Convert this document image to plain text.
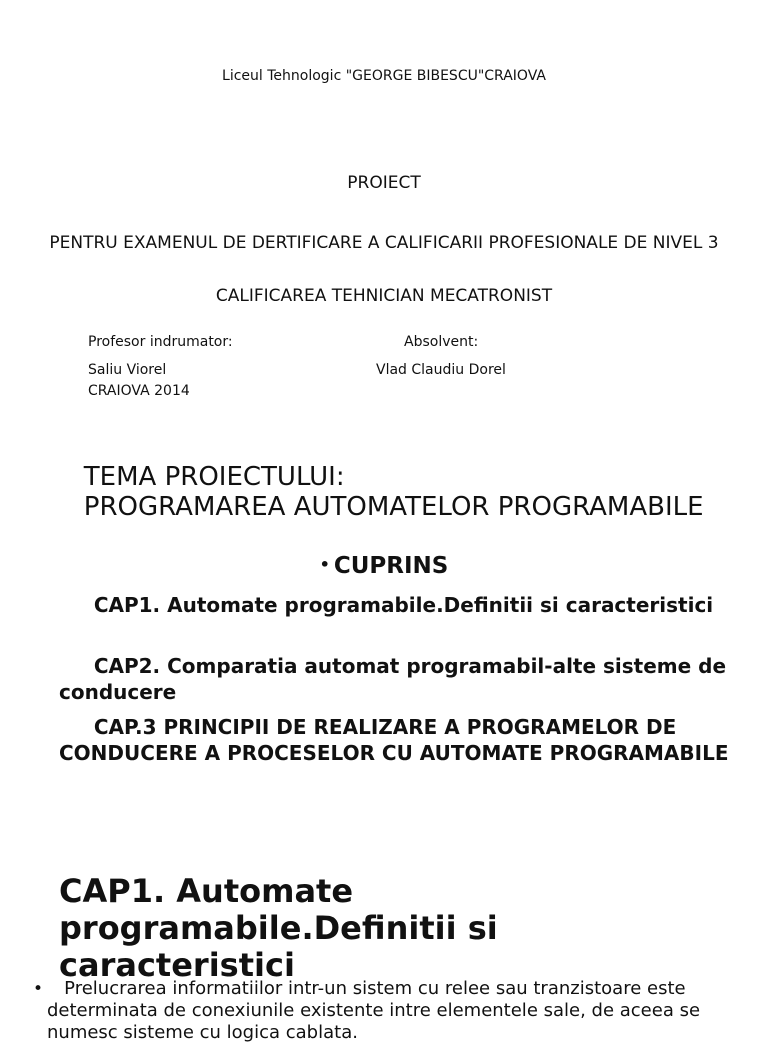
Liceul Tehnologic "GEORGE BIBESCU"CRAIOVA
PROIECT
PENTRU EXAMENUL DE DERTIFICARE A CALIFICARII PROFESIONALE DE NIVEL 3
CALIFICAREA TEHNICIAN MECATRONIST
Profesor indrumator:	Absolvent:
Saliu Viorel	Vlad Claudiu Dorel
CRAIOVA 2014
TEMA PROIECTULUI:
PROGRAMAREA AUTOMATELOR PROGRAMABILE
• CUPRINS
CAP1. Automate programabile.Definitii si caracteristici
CAP2. Comparatia automat programabil-alte sisteme de     conducere
CAP.3 PRINCIPII DE REALIZARE A PROGRAMELOR DE   CONDUCERE A PROCESELOR CU AUTOMATE PROGRAMABILE
CAP1. Automate programabile.Definitii si caracteristici
• Prelucrarea informatiilor intr-un sistem cu relee sau tranzistoare este determinata de conexiunile existente intre elementele sale, de aceea se numesc sisteme cu logica cablata.
